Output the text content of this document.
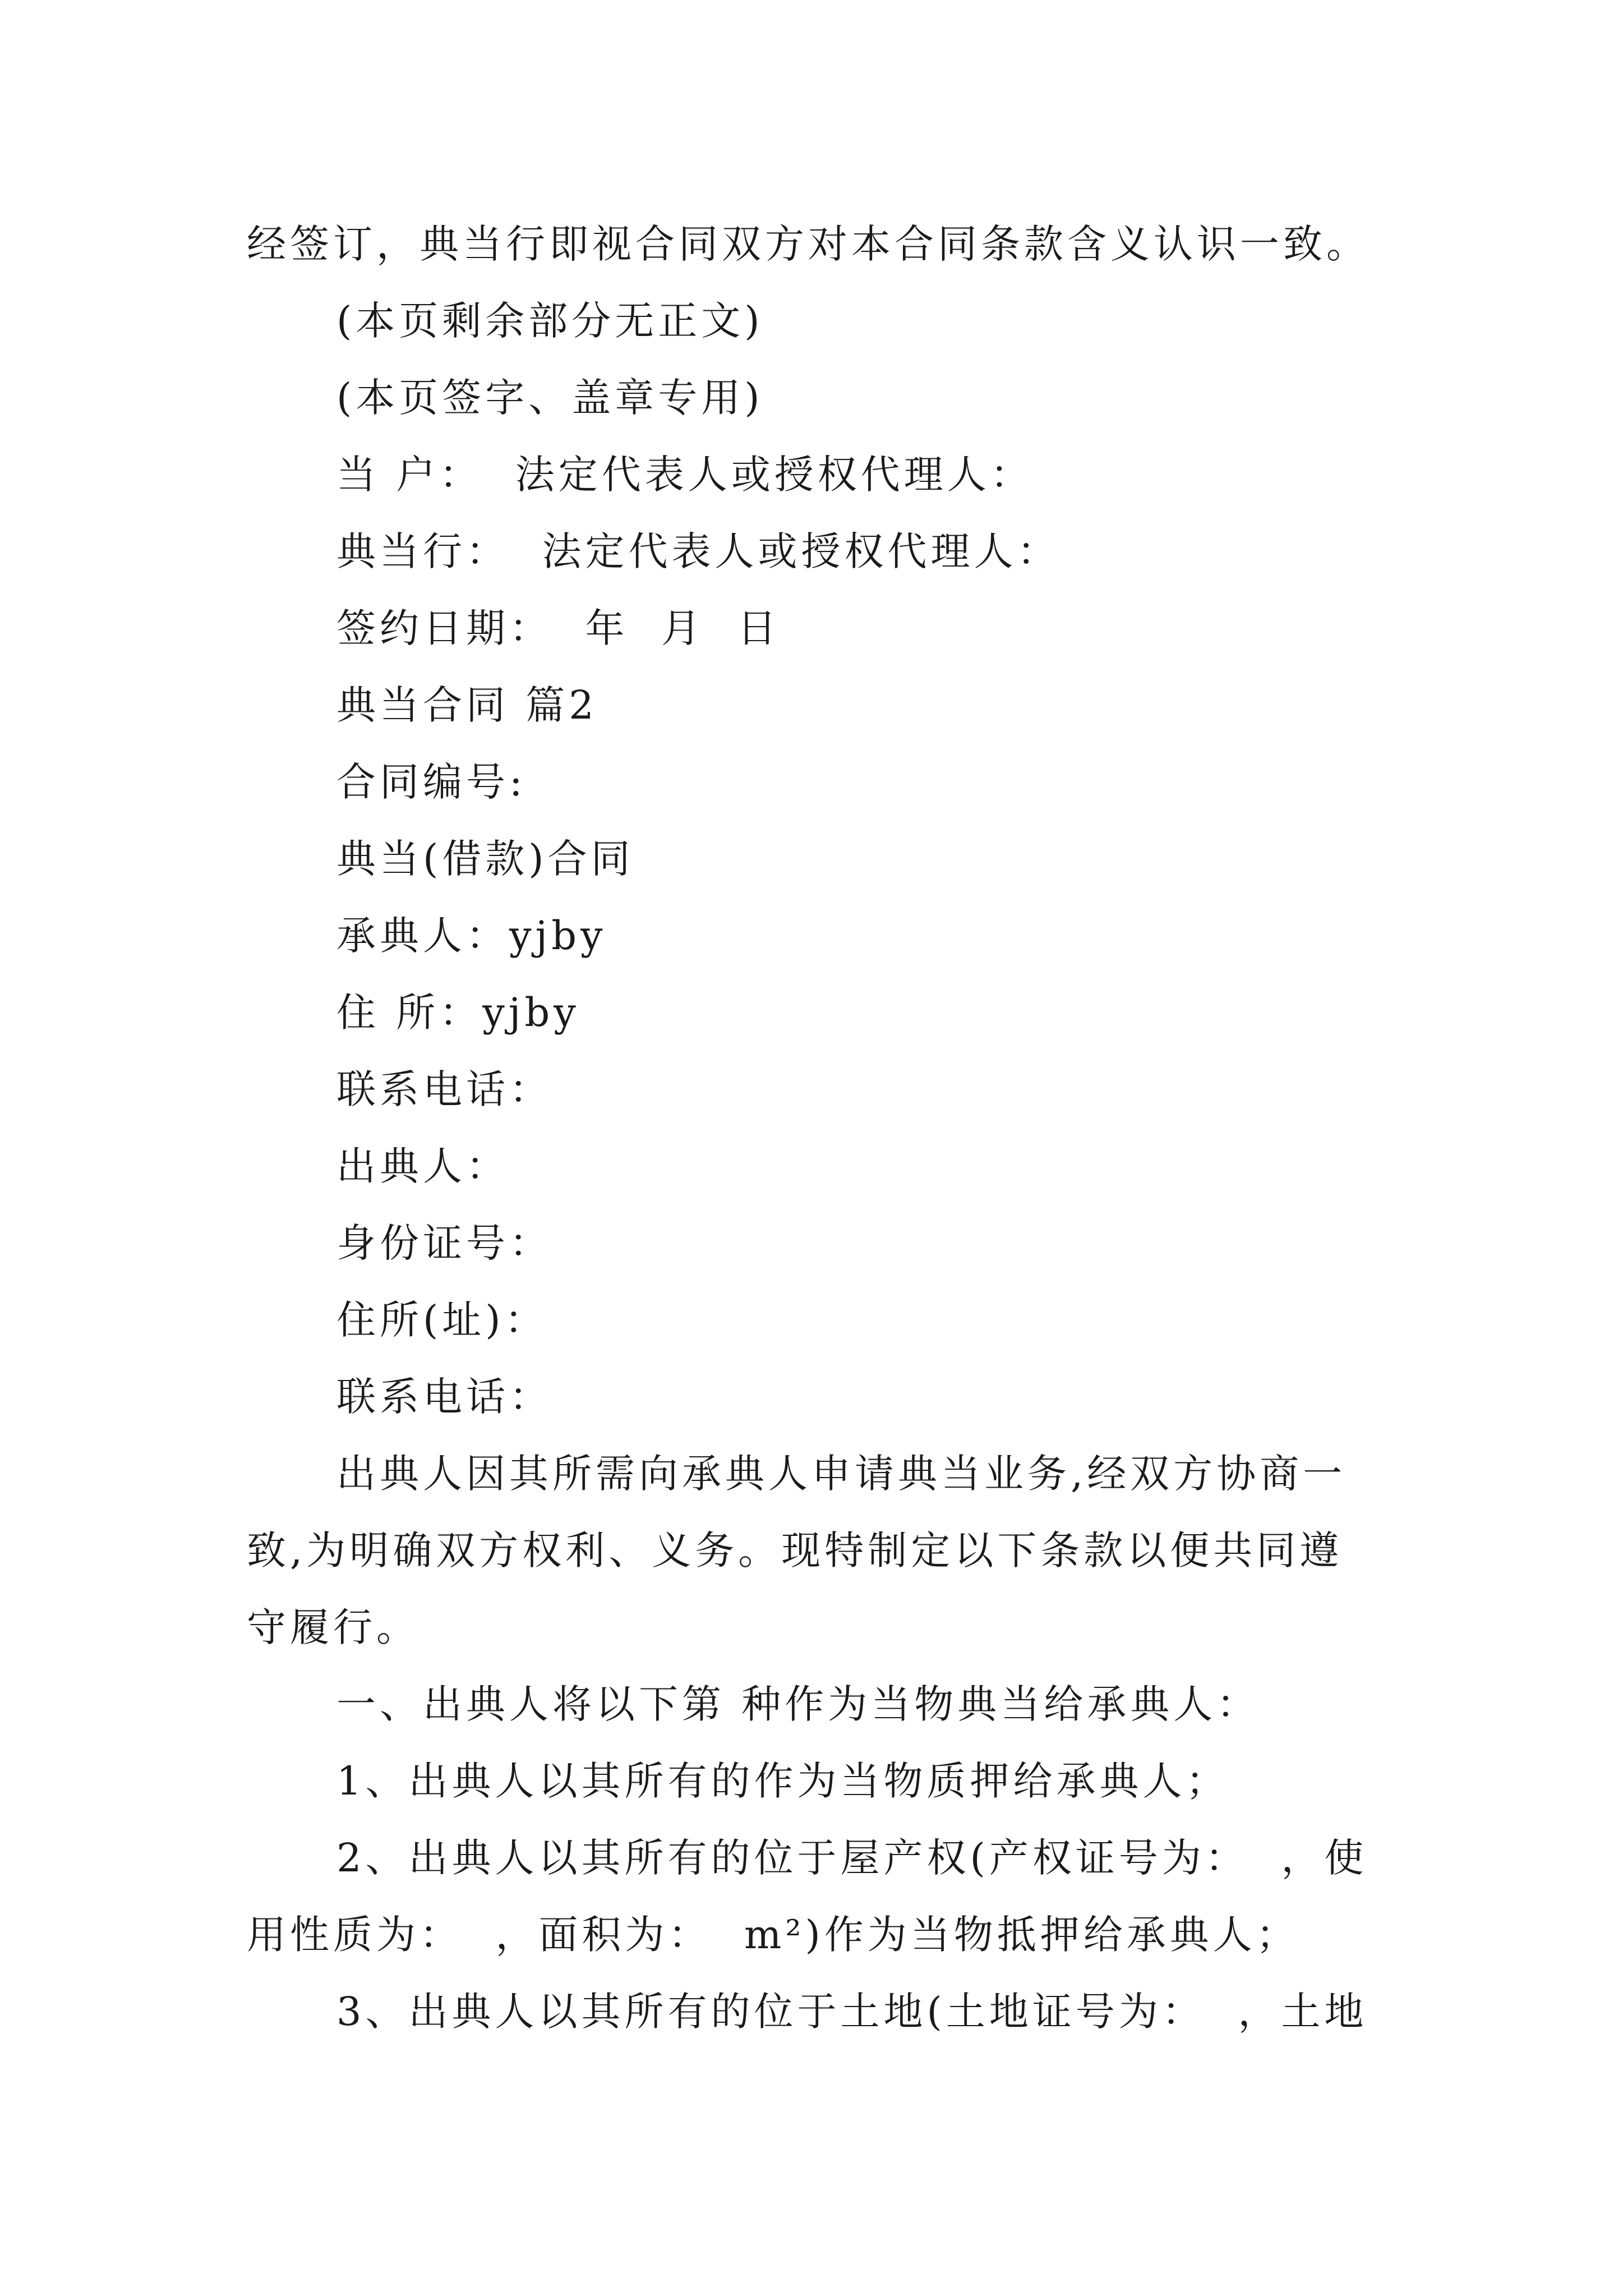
经签订，典当行即视合同双方对本合同条款含义认识一致。
(本页剩余部分无正文)
(本页签字、盖章专用)
当 户：  法定代表人或授权代理人：
典当行：  法定代表人或授权代理人：
签约日期：  年  月  日
典当合同 篇2
合同编号:
典当(借款)合同
承典人：yjby
住 所：yjby
联系电话：
出典人：
身份证号：
住所(址)：
联系电话：
出典人因其所需向承典人申请典当业务,经双方协商一
致,为明确双方权利、义务。现特制定以下条款以便共同遵
守履行。
一、出典人将以下第 种作为当物典当给承典人：
1、出典人以其所有的作为当物质押给承典人；
2、出典人以其所有的位于屋产权(产权证号为：  ，使
用性质为：  ，面积为：  m²)作为当物抵押给承典人；
3、出典人以其所有的位于土地(土地证号为：  ，土地
